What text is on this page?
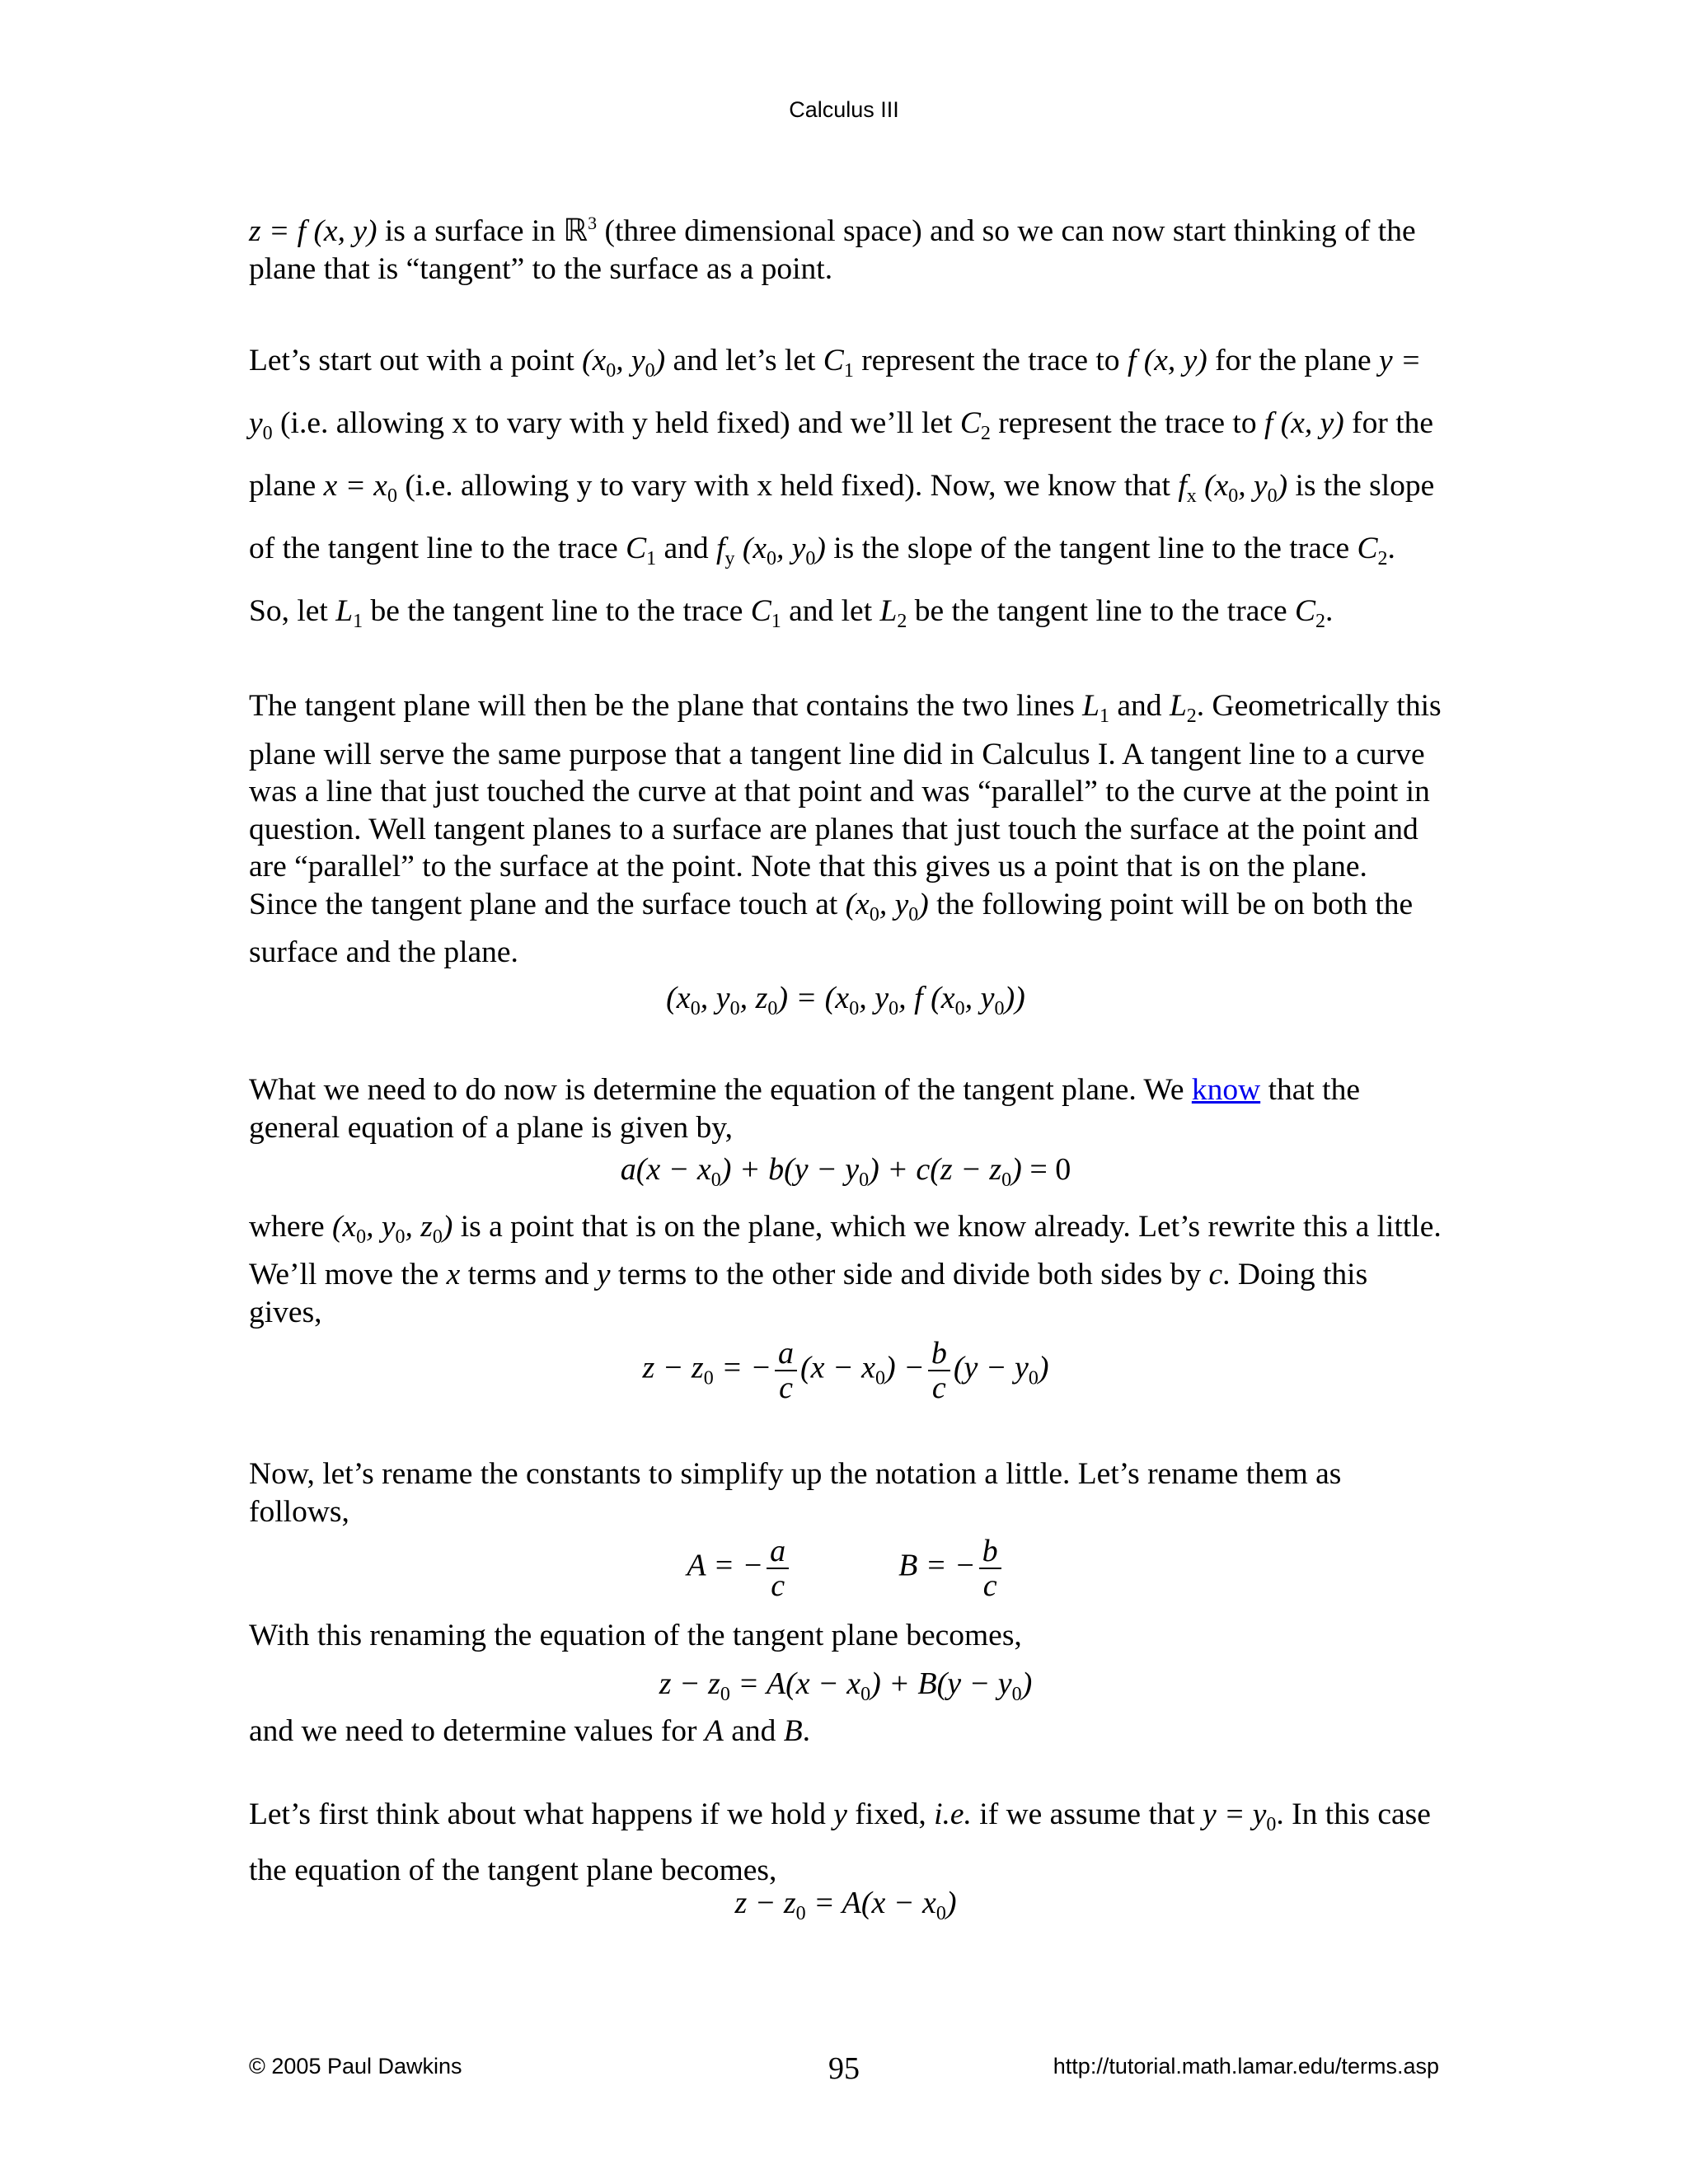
Calculus III

z = f (x, y) is a surface in ℝ$^3$ (three dimensional space) and so we can now start thinking of the plane that is “tangent” to the surface as a point.

Let’s start out with a point ($x_0$, $y_0$) and let’s let $C_1$ represent the trace to f (x, y) for the plane $y = y_0$ (i.e. allowing x to vary with y held fixed) and we’ll let $C_2$ represent the trace to f (x, y) for the plane $x = x_0$ (i.e. allowing y to vary with x held fixed). Now, we know that $f_x$ ($x_0$, $y_0$) is the slope of the tangent line to the trace $C_1$ and $f_y$ ($x_0$, $y_0$) is the slope of the tangent line to the trace $C_2$. So, let $L_1$ be the tangent line to the trace $C_1$ and let $L_2$ be the tangent line to the trace $C_2$.

The tangent plane will then be the plane that contains the two lines $L_1$ and $L_2$. Geometrically this plane will serve the same purpose that a tangent line did in Calculus I. A tangent line to a curve was a line that just touched the curve at that point and was “parallel” to the curve at the point in question. Well tangent planes to a surface are planes that just touch the surface at the point and are “parallel” to the surface at the point. Note that this gives us a point that is on the plane. Since the tangent plane and the surface touch at ($x_0$, $y_0$) the following point will be on both the surface and the plane.

($x_0$, $y_0$, $z_0) = (x_0$, $y_0$, f ($x_0$, $y_0$))

What we need to do now is determine the equation of the tangent plane. We know that the general equation of a plane is given by,

$a(x - x_0) + b(y - y_0) + c(z - z_0) = 0$

where ($x_0$, $y_0$, $z_0$) is a point that is on the plane, which we know already. Let’s rewrite this a little. We’ll move the x terms and y terms to the other side and divide both sides by c. Doing this gives,

$z - z_0$ = − $\frac{a}{c} (x - x_0) - \frac{b}{c} (y - y_0)$

Now, let’s rename the constants to simplify up the notation a little. Let’s rename them as follows,

A = − $\frac{a}{c}$	B = − $\frac{b}{c}$

With this renaming the equation of the tangent plane becomes,

$z - z_0 = A(x - x_0) + B(y - y_0)$

and we need to determine values for A and B.

Let’s first think about what happens if we hold y fixed, i.e. if we assume that $y = y_0$. In this case the equation of the tangent plane becomes,

$z - z_0 = A(x - x_0)$
© 2005 Paul Dawkins	95	http://tutorial.math.lamar.edu/terms.asp
